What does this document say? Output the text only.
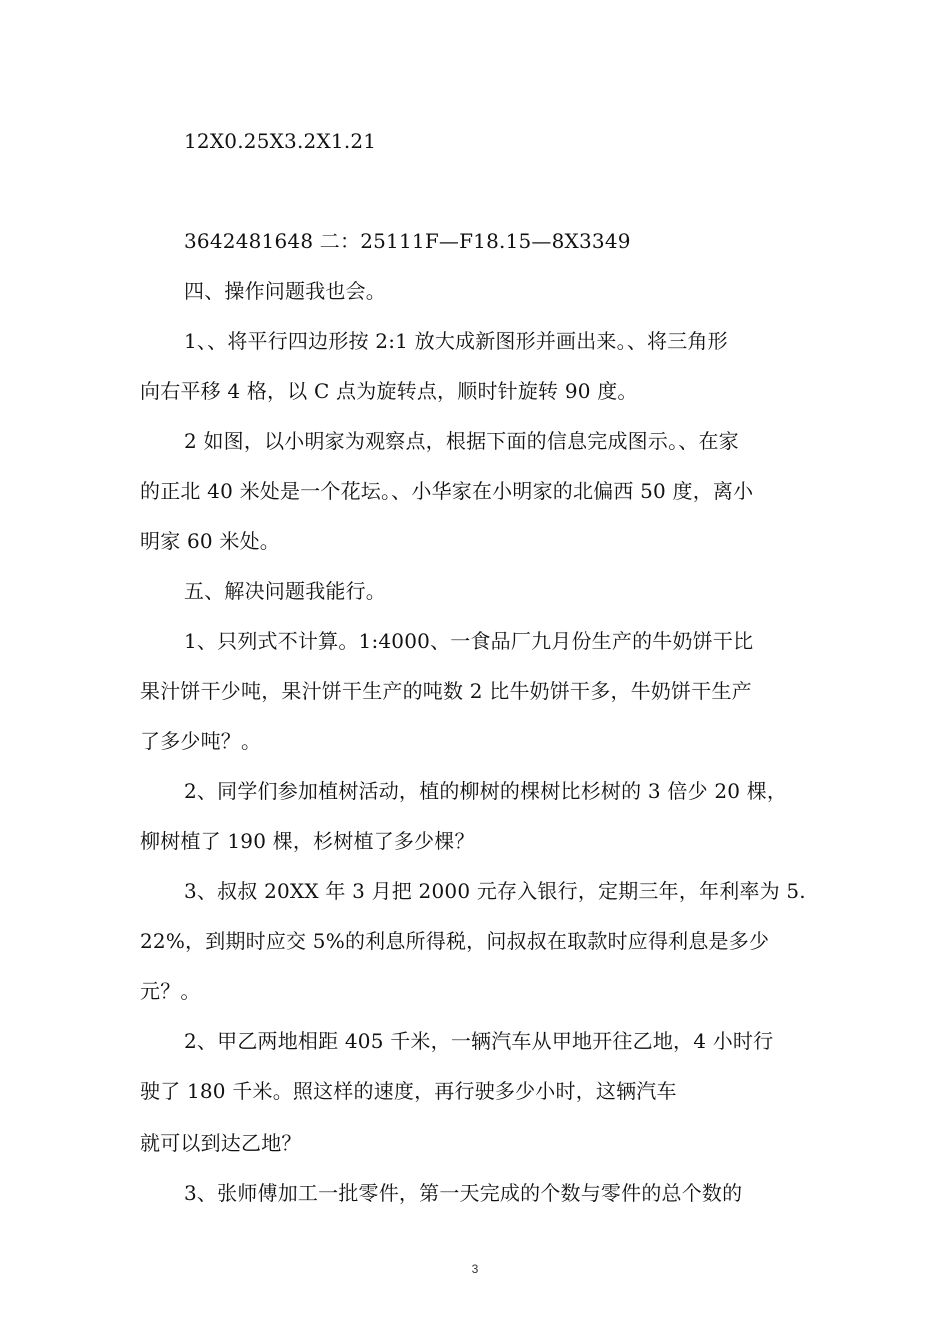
12X0.25X3.2X1.21
3642481648 二：25111F—F18.15—8X3349
四、操作问题我也会。
1、、将平行四边形按 2:1 放大成新图形并画出来。、将三角形
向右平移 4 格，以 C 点为旋转点，顺时针旋转 90 度。
2 如图，以小明家为观察点，根据下面的信息完成图示。、在家
的正北 40 米处是一个花坛。、小华家在小明家的北偏西 50 度，离小
明家 60 米处。
五、解决问题我能行。
1、只列式不计算。1:4000、一食品厂九月份生产的牛奶饼干比
果汁饼干少吨，果汁饼干生产的吨数 2 比牛奶饼干多，牛奶饼干生产
了多少吨？。
2、同学们参加植树活动，植的柳树的棵树比杉树的 3 倍少 20 棵，
柳树植了 190 棵，杉树植了多少棵？
3、叔叔 20XX 年 3 月把 2000 元存入银行，定期三年，年利率为 5.
22%，到期时应交 5%的利息所得税，问叔叔在取款时应得利息是多少
元？。
2、甲乙两地相距 405 千米，一辆汽车从甲地开往乙地，4 小时行
驶了 180 千米。照这样的速度，再行驶多少小时，这辆汽车
就可以到达乙地？
3、张师傅加工一批零件，第一天完成的个数与零件的总个数的
3
